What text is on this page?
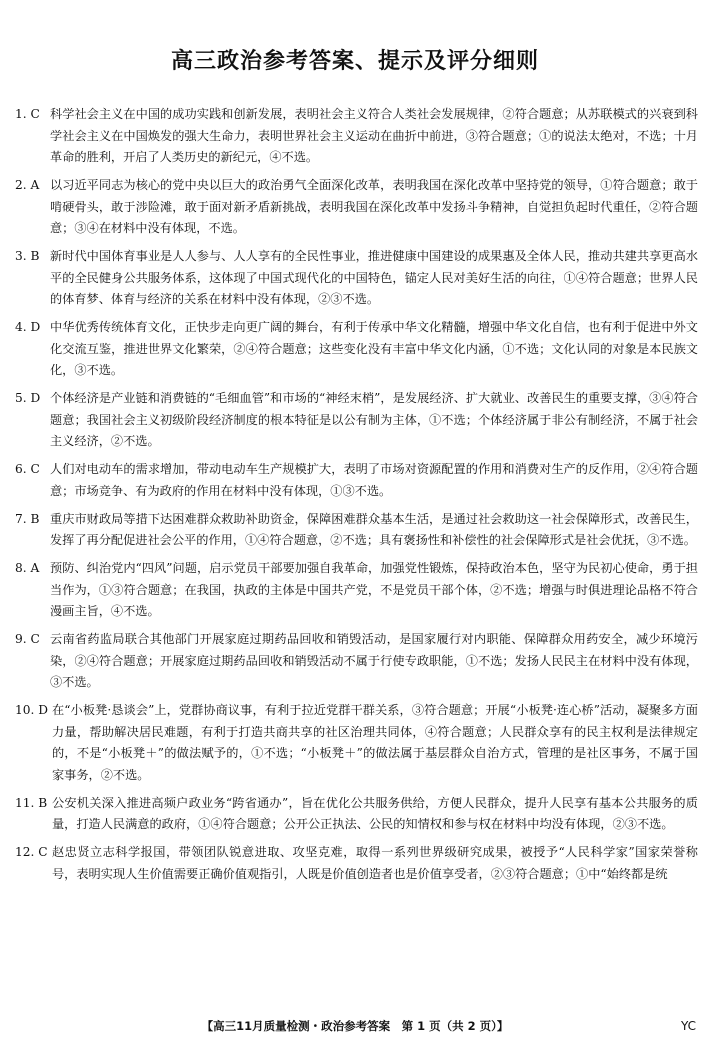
高三政治参考答案、提示及评分细则
1. C 科学社会主义在中国的成功实践和创新发展，表明社会主义符合人类社会发展规律，②符合题意；从苏联模式的兴衰到科学社会主义在中国焕发的强大生命力，表明世界社会主义运动在曲折中前进，③符合题意；①的说法太绝对，不选；十月革命的胜利，开启了人类历史的新纪元，④不选。
2. A 以习近平同志为核心的党中央以巨大的政治勇气全面深化改革，表明我国在深化改革中坚持党的领导，①符合题意；敢于啃硬骨头，敢于涉险滩，敢于面对新矛盾新挑战，表明我国在深化改革中发扬斗争精神，自觉担负起时代重任，②符合题意；③④在材料中没有体现，不选。
3. B 新时代中国体育事业是人人参与、人人享有的全民性事业，推进健康中国建设的成果惠及全体人民，推动共建共享更高水平的全民健身公共服务体系，这体现了中国式现代化的中国特色，锚定人民对美好生活的向往，①④符合题意；世界人民的体育梦、体育与经济的关系在材料中没有体现，②③不选。
4. D 中华优秀传统体育文化，正快步走向更广阔的舞台，有利于传承中华文化精髓，增强中华文化自信，也有利于促进中外文化交流互鉴，推进世界文化繁荣，②④符合题意；这些变化没有丰富中华文化内涵，①不选；文化认同的对象是本民族文化，③不选。
5. D 个体经济是产业链和消费链的“毛细血管”和市场的“神经末梢”，是发展经济、扩大就业、改善民生的重要支撑，③④符合题意；我国社会主义初级阶段经济制度的根本特征是以公有制为主体，①不选；个体经济属于非公有制经济，不属于社会主义经济，②不选。
6. C 人们对电动车的需求增加，带动电动车生产规模扩大，表明了市场对资源配置的作用和消费对生产的反作用，②④符合题意；市场竞争、有为政府的作用在材料中没有体现，①③不选。
7. B 重庆市财政局等措下达困难群众救助补助资金，保障困难群众基本生活，是通过社会救助这一社会保障形式，改善民生，发挥了再分配促进社会公平的作用，①④符合题意，②不选；具有褒扬性和补偿性的社会保障形式是社会优抚，③不选。
8. A 预防、纠治党内“四风”问题，启示党员干部要加强自我革命，加强党性锻炼，保持政治本色，坚守为民初心使命，勇于担当作为，①③符合题意；在我国，执政的主体是中国共产党，不是党员干部个体，②不选；增强与时俱进理论品格不符合漫画主旨，④不选。
9. C 云南省药监局联合其他部门开展家庭过期药品回收和销毁活动，是国家履行对内职能、保障群众用药安全，减少环境污染，②④符合题意；开展家庭过期药品回收和销毁活动不属于行使专政职能，①不选；发扬人民民主在材料中没有体现，③不选。
10. D 在“小板凳·恳谈会”上，党群协商议事，有利于拉近党群干群关系，③符合题意；开展“小板凳·连心桥”活动，凝聚多方面力量，帮助解决居民难题，有利于打造共商共享的社区治理共同体，④符合题意；人民群众享有的民主权利是法律规定的，不是“小板凳＋”的做法赋予的，①不选；“小板凳＋”的做法属于基层群众自治方式，管理的是社区事务，不属于国家事务，②不选。
11. B 公安机关深入推进高频户政业务“跨省通办”，旨在优化公共服务供给，方便人民群众，提升人民享有基本公共服务的质量，打造人民满意的政府，①④符合题意；公开公正执法、公民的知情权和参与权在材料中均没有体现，②③不选。
12. C 赵忠贤立志科学报国，带领团队锐意进取、攻坚克难，取得一系列世界级研究成果，被授予“人民科学家”国家荣誉称号，表明实现人生价值需要正确价值观指引，人既是价值创造者也是价值享受者，②③符合题意；①中“始终都是统
【高三11月质量检测・政治参考答案　第 1 页（共 2 页）】	YC
